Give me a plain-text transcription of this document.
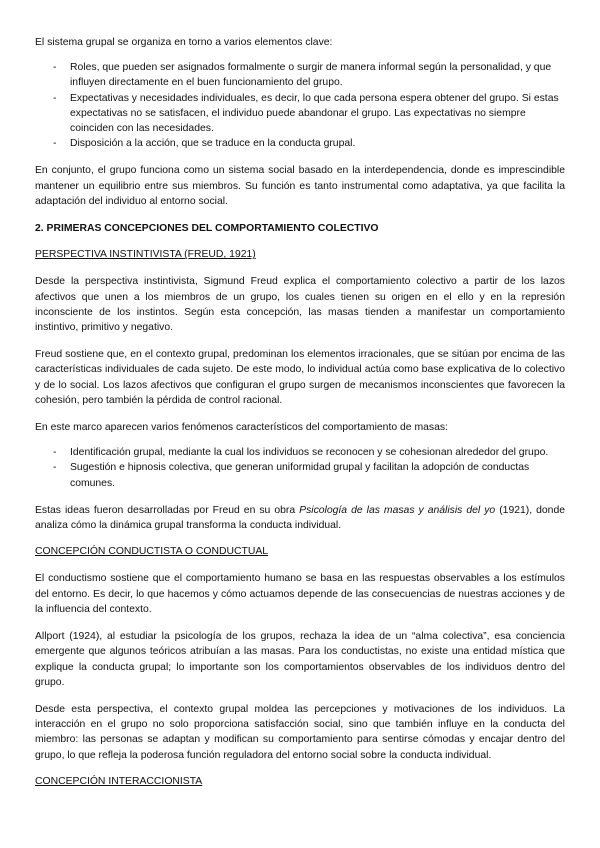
El sistema grupal se organiza en torno a varios elementos clave:

- Roles, que pueden ser asignados formalmente o surgir de manera informal según la personalidad, y que influyen directamente en el buen funcionamiento del grupo.
- Expectativas y necesidades individuales, es decir, lo que cada persona espera obtener del grupo. Si estas expectativas no se satisfacen, el individuo puede abandonar el grupo. Las expectativas no siempre coinciden con las necesidades.
- Disposición a la acción, que se traduce en la conducta grupal.

En conjunto, el grupo funciona como un sistema social basado en la interdependencia, donde es imprescindible mantener un equilibrio entre sus miembros. Su función es tanto instrumental como adaptativa, ya que facilita la adaptación del individuo al entorno social.

2. PRIMERAS CONCEPCIONES DEL COMPORTAMIENTO COLECTIVO

PERSPECTIVA INSTINTIVISTA (FREUD, 1921)

Desde la perspectiva instintivista, Sigmund Freud explica el comportamiento colectivo a partir de los lazos afectivos que unen a los miembros de un grupo, los cuales tienen su origen en el ello y en la represión inconsciente de los instintos. Según esta concepción, las masas tienden a manifestar un comportamiento instintivo, primitivo y negativo.

Freud sostiene que, en el contexto grupal, predominan los elementos irracionales, que se sitúan por encima de las características individuales de cada sujeto. De este modo, lo individual actúa como base explicativa de lo colectivo y de lo social. Los lazos afectivos que configuran el grupo surgen de mecanismos inconscientes que favorecen la cohesión, pero también la pérdida de control racional.

En este marco aparecen varios fenómenos característicos del comportamiento de masas:

- Identificación grupal, mediante la cual los individuos se reconocen y se cohesionan alrededor del grupo.
- Sugestión e hipnosis colectiva, que generan uniformidad grupal y facilitan la adopción de conductas comunes.

Estas ideas fueron desarrolladas por Freud en su obra Psicología de las masas y análisis del yo (1921), donde analiza cómo la dinámica grupal transforma la conducta individual.

CONCEPCIÓN CONDUCTISTA O CONDUCTUAL

El conductismo sostiene que el comportamiento humano se basa en las respuestas observables a los estímulos del entorno. Es decir, lo que hacemos y cómo actuamos depende de las consecuencias de nuestras acciones y de la influencia del contexto.

Allport (1924), al estudiar la psicología de los grupos, rechaza la idea de un “alma colectiva”, esa conciencia emergente que algunos teóricos atribuían a las masas. Para los conductistas, no existe una entidad mística que explique la conducta grupal; lo importante son los comportamientos observables de los individuos dentro del grupo.

Desde esta perspectiva, el contexto grupal moldea las percepciones y motivaciones de los individuos. La interacción en el grupo no solo proporciona satisfacción social, sino que también influye en la conducta del miembro: las personas se adaptan y modifican su comportamiento para sentirse cómodas y encajar dentro del grupo, lo que refleja la poderosa función reguladora del entorno social sobre la conducta individual.

CONCEPCIÓN INTERACCIONISTA
